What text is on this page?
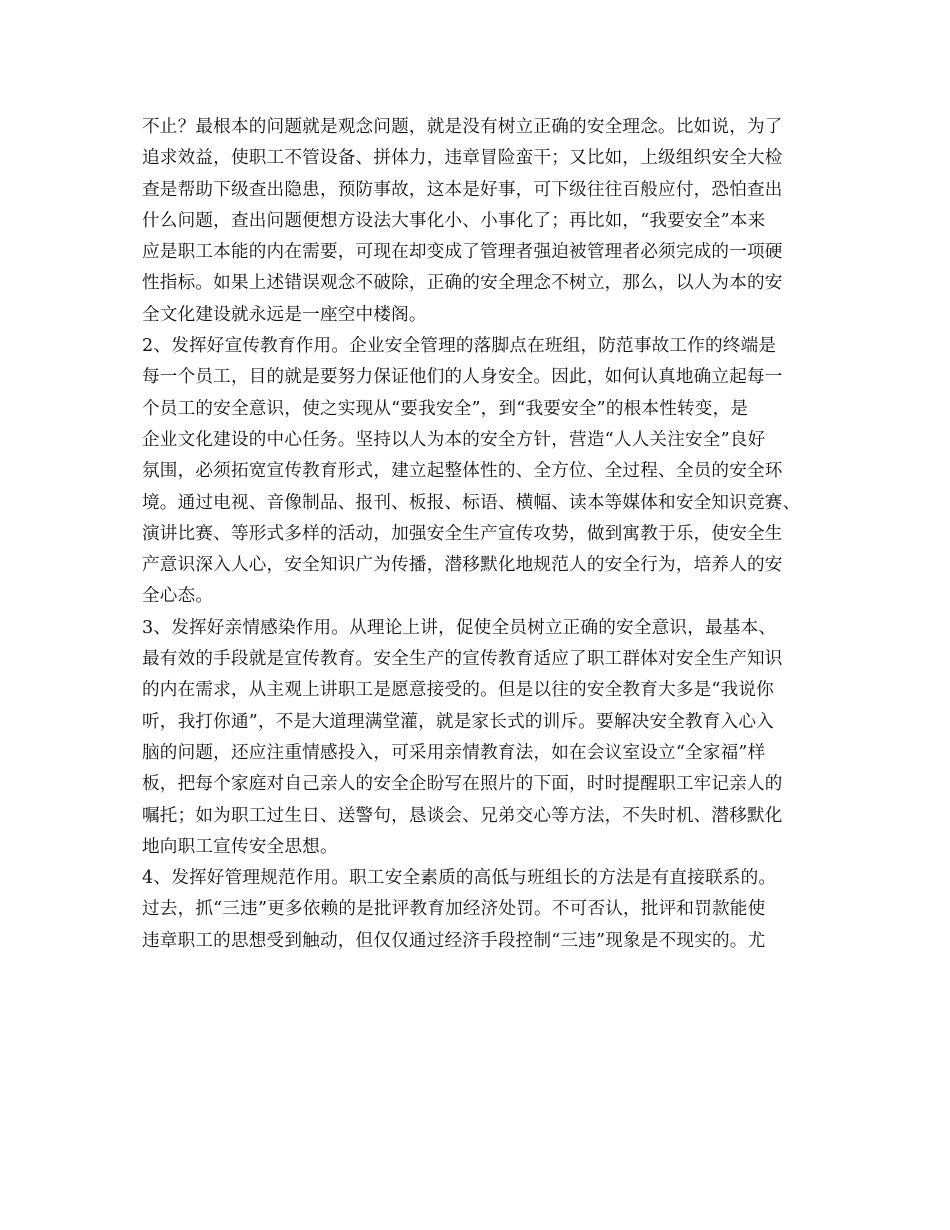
不止？最根本的问题就是观念问题，就是没有树立正确的安全理念。比如说，为了
追求效益，使职工不管设备、拼体力，违章冒险蛮干；又比如，上级组织安全大检
查是帮助下级查出隐患，预防事故，这本是好事，可下级往往百般应付，恐怕查出
什么问题，查出问题便想方设法大事化小、小事化了；再比如，“我要安全”本来
应是职工本能的内在需要，可现在却变成了管理者强迫被管理者必须完成的一项硬
性指标。如果上述错误观念不破除，正确的安全理念不树立，那么，以人为本的安
全文化建设就永远是一座空中楼阁。
2、发挥好宣传教育作用。企业安全管理的落脚点在班组，防范事故工作的终端是
每一个员工，目的就是要努力保证他们的人身安全。因此，如何认真地确立起每一
个员工的安全意识，使之实现从“要我安全”，到“我要安全”的根本性转变，是
企业文化建设的中心任务。坚持以人为本的安全方针，营造“人人关注安全”良好
氛围，必须拓宽宣传教育形式，建立起整体性的、全方位、全过程、全员的安全环
境。通过电视、音像制品、报刊、板报、标语、横幅、读本等媒体和安全知识竞赛、
演讲比赛、等形式多样的活动，加强安全生产宣传攻势，做到寓教于乐，使安全生
产意识深入人心，安全知识广为传播，潜移默化地规范人的安全行为，培养人的安
全心态。
3、发挥好亲情感染作用。从理论上讲，促使全员树立正确的安全意识，最基本、
最有效的手段就是宣传教育。安全生产的宣传教育适应了职工群体对安全生产知识
的内在需求，从主观上讲职工是愿意接受的。但是以往的安全教育大多是“我说你
听，我打你通”，不是大道理满堂灌，就是家长式的训斥。要解决安全教育入心入
脑的问题，还应注重情感投入，可采用亲情教育法，如在会议室设立“全家福”样
板，把每个家庭对自己亲人的安全企盼写在照片的下面，时时提醒职工牢记亲人的
嘱托；如为职工过生日、送警句，恳谈会、兄弟交心等方法，不失时机、潜移默化
地向职工宣传安全思想。
4、发挥好管理规范作用。职工安全素质的高低与班组长的方法是有直接联系的。
过去，抓“三违”更多依赖的是批评教育加经济处罚。不可否认，批评和罚款能使
违章职工的思想受到触动，但仅仅通过经济手段控制“三违”现象是不现实的。尤
